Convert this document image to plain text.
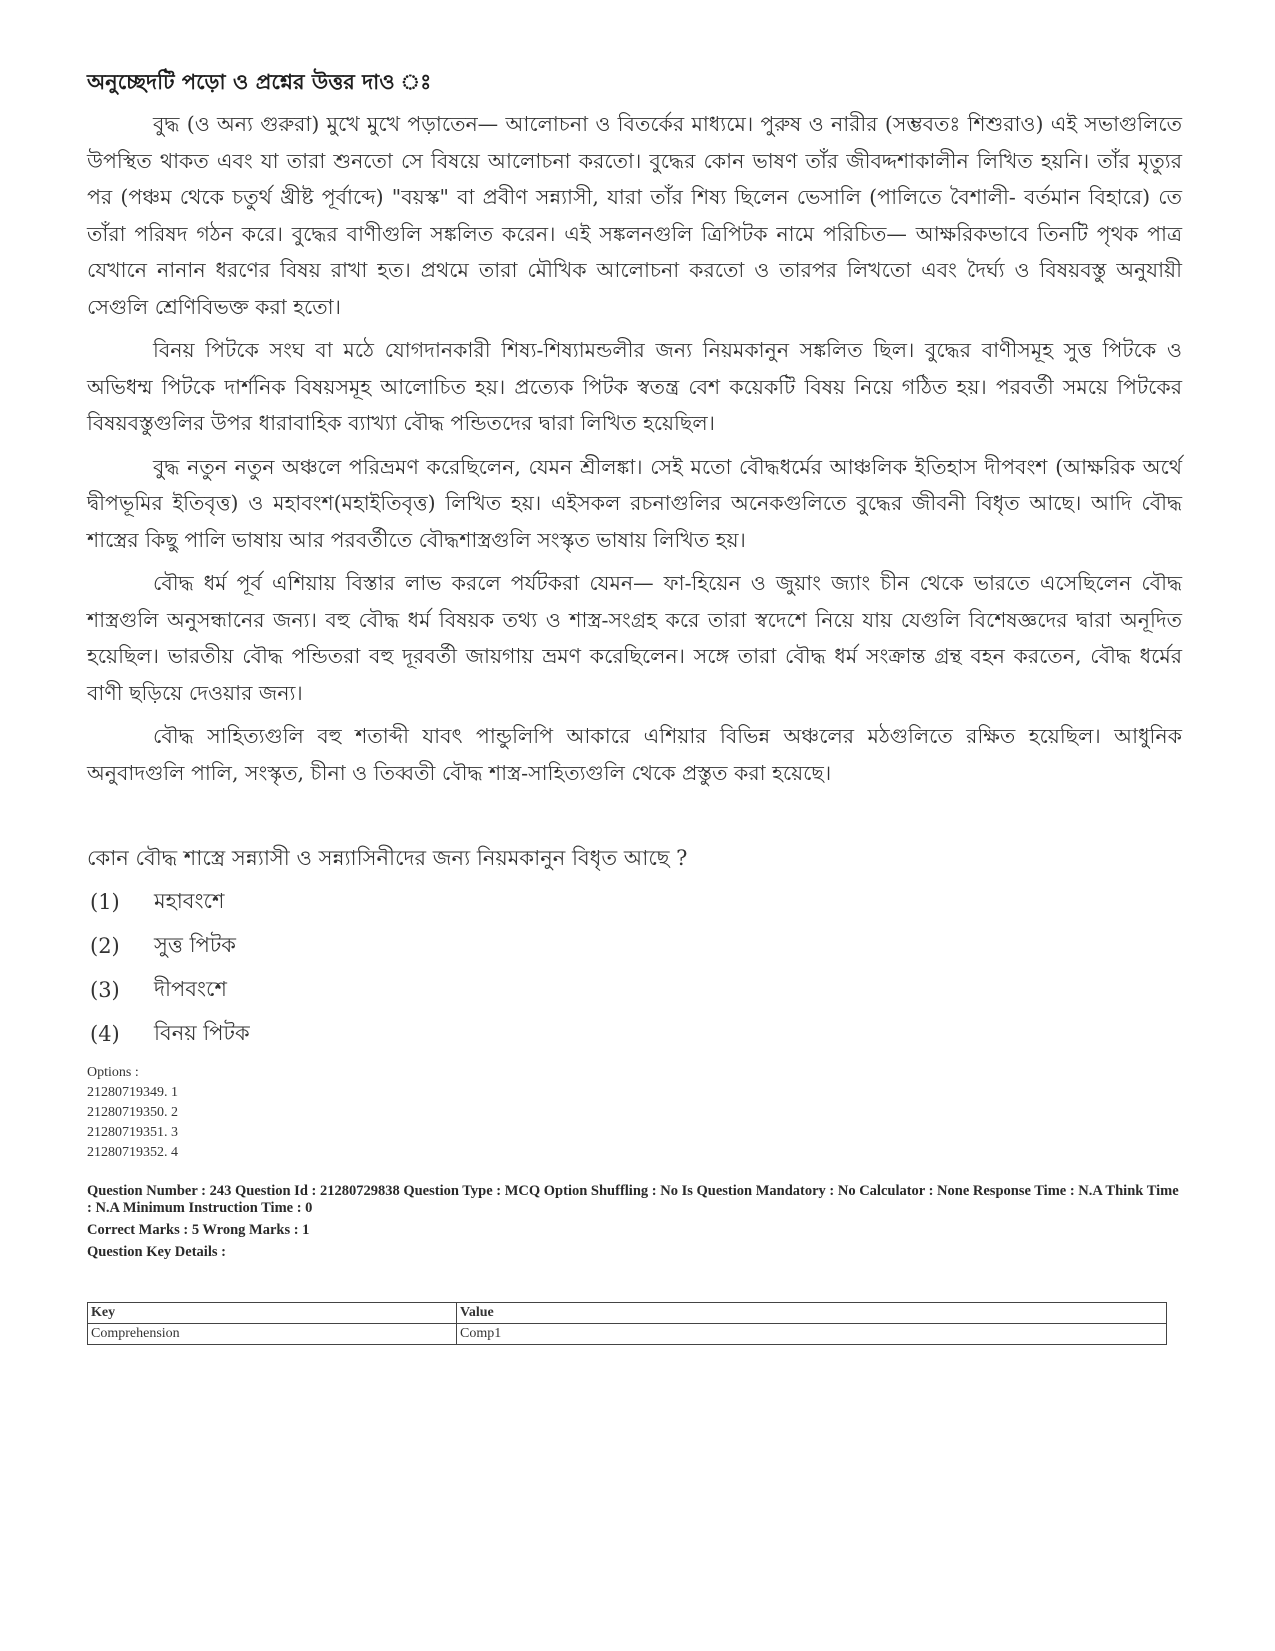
অনুচ্ছেদটি পড়ো ও প্রশ্নের উত্তর দাও ঃ

বুদ্ধ (ও অন্য গুরুরা) মুখে মুখে পড়াতেন— আলোচনা ও বিতর্কের মাধ্যমে। পুরুষ ও নারীর (সম্ভবতঃ শিশুরাও) এই সভাগুলিতে উপস্থিত থাকত এবং যা তারা শুনতো সে বিষয়ে আলোচনা করতো। বুদ্ধের কোন ভাষণ তাঁর জীবদ্দশাকালীন লিখিত হয়নি। তাঁর মৃত্যুর পর (পঞ্চম থেকে চতুর্থ খ্রীষ্ট পূর্বাব্দে) "বয়স্ক" বা প্রবীণ সন্ন্যাসী, যারা তাঁর শিষ্য ছিলেন ভেসালি (পালিতে বৈশালী- বর্তমান বিহারে) তে তাঁরা পরিষদ গঠন করে। বুদ্ধের বাণীগুলি সঙ্কলিত করেন। এই সঙ্কলনগুলি ত্রিপিটক নামে পরিচিত— আক্ষরিকভাবে তিনটি পৃথক পাত্র যেখানে নানান ধরণের বিষয় রাখা হত। প্রথমে তারা মৌখিক আলোচনা করতো ও তারপর লিখতো এবং দৈর্ঘ্য ও বিষয়বস্তু অনুযায়ী সেগুলি শ্রেণিবিভক্ত করা হতো।

বিনয় পিটকে সংঘ বা মঠে যোগদানকারী শিষ্য-শিষ্যামন্ডলীর জন্য নিয়মকানুন সঙ্কলিত ছিল। বুদ্ধের বাণীসমূহ সুত্ত পিটকে ও অভিধম্ম পিটকে দার্শনিক বিষয়সমূহ আলোচিত হয়। প্রত্যেক পিটক স্বতন্ত্র বেশ কয়েকটি বিষয় নিয়ে গঠিত হয়। পরবর্তী সময়ে পিটকের বিষয়বস্তুগুলির উপর ধারাবাহিক ব্যাখ্যা বৌদ্ধ পন্ডিতদের দ্বারা লিখিত হয়েছিল।

বুদ্ধ নতুন নতুন অঞ্চলে পরিভ্রমণ করেছিলেন, যেমন শ্রীলঙ্কা। সেই মতো বৌদ্ধধর্মের আঞ্চলিক ইতিহাস দীপবংশ (আক্ষরিক অর্থে দ্বীপভূমির ইতিবৃত্ত) ও মহাবংশ(মহাইতিবৃত্ত) লিখিত হয়। এইসকল রচনাগুলির অনেকগুলিতে বুদ্ধের জীবনী বিধৃত আছে। আদি বৌদ্ধ শাস্ত্রের কিছু পালি ভাষায় আর পরবর্তীতে বৌদ্ধশাস্ত্রগুলি সংস্কৃত ভাষায় লিখিত হয়।

বৌদ্ধ ধর্ম পূর্ব এশিয়ায় বিস্তার লাভ করলে পর্যটকরা যেমন— ফা-হিয়েন ও জুয়াং জ্যাং চীন থেকে ভারতে এসেছিলেন বৌদ্ধ শাস্ত্রগুলি অনুসন্ধানের জন্য। বহু বৌদ্ধ ধর্ম বিষয়ক তথ্য ও শাস্ত্র-সংগ্রহ করে তারা স্বদেশে নিয়ে যায় যেগুলি বিশেষজ্ঞদের দ্বারা অনূদিত হয়েছিল। ভারতীয় বৌদ্ধ পন্ডিতরা বহু দূরবর্তী জায়গায় ভ্রমণ করেছিলেন। সঙ্গে তারা বৌদ্ধ ধর্ম সংক্রান্ত গ্রন্থ বহন করতেন, বৌদ্ধ ধর্মের বাণী ছড়িয়ে দেওয়ার জন্য।

বৌদ্ধ সাহিত্যগুলি বহু শতাব্দী যাবৎ পান্ডুলিপি আকারে এশিয়ার বিভিন্ন অঞ্চলের মঠগুলিতে রক্ষিত হয়েছিল। আধুনিক অনুবাদগুলি পালি, সংস্কৃত, চীনা ও তিব্বতী বৌদ্ধ শাস্ত্র-সাহিত্যগুলি থেকে প্রস্তুত করা হয়েছে।

কোন বৌদ্ধ শাস্ত্রে সন্ন্যাসী ও সন্ন্যাসিনীদের জন্য নিয়মকানুন বিধৃত আছে ?
(1)	মহাবংশে
(2)	সুত্ত পিটক
(3)	দীপবংশে
(4)	বিনয় পিটক
Options :
21280719349. 1
21280719350. 2
21280719351. 3
21280719352. 4
Question Number : 243 Question Id : 21280729838 Question Type : MCQ Option Shuffling : No Is Question Mandatory : No Calculator : None Response Time : N.A Think Time : N.A Minimum Instruction Time : 0
Correct Marks : 5 Wrong Marks : 1
Question Key Details :
Key	Value
Comprehension	Comp1
